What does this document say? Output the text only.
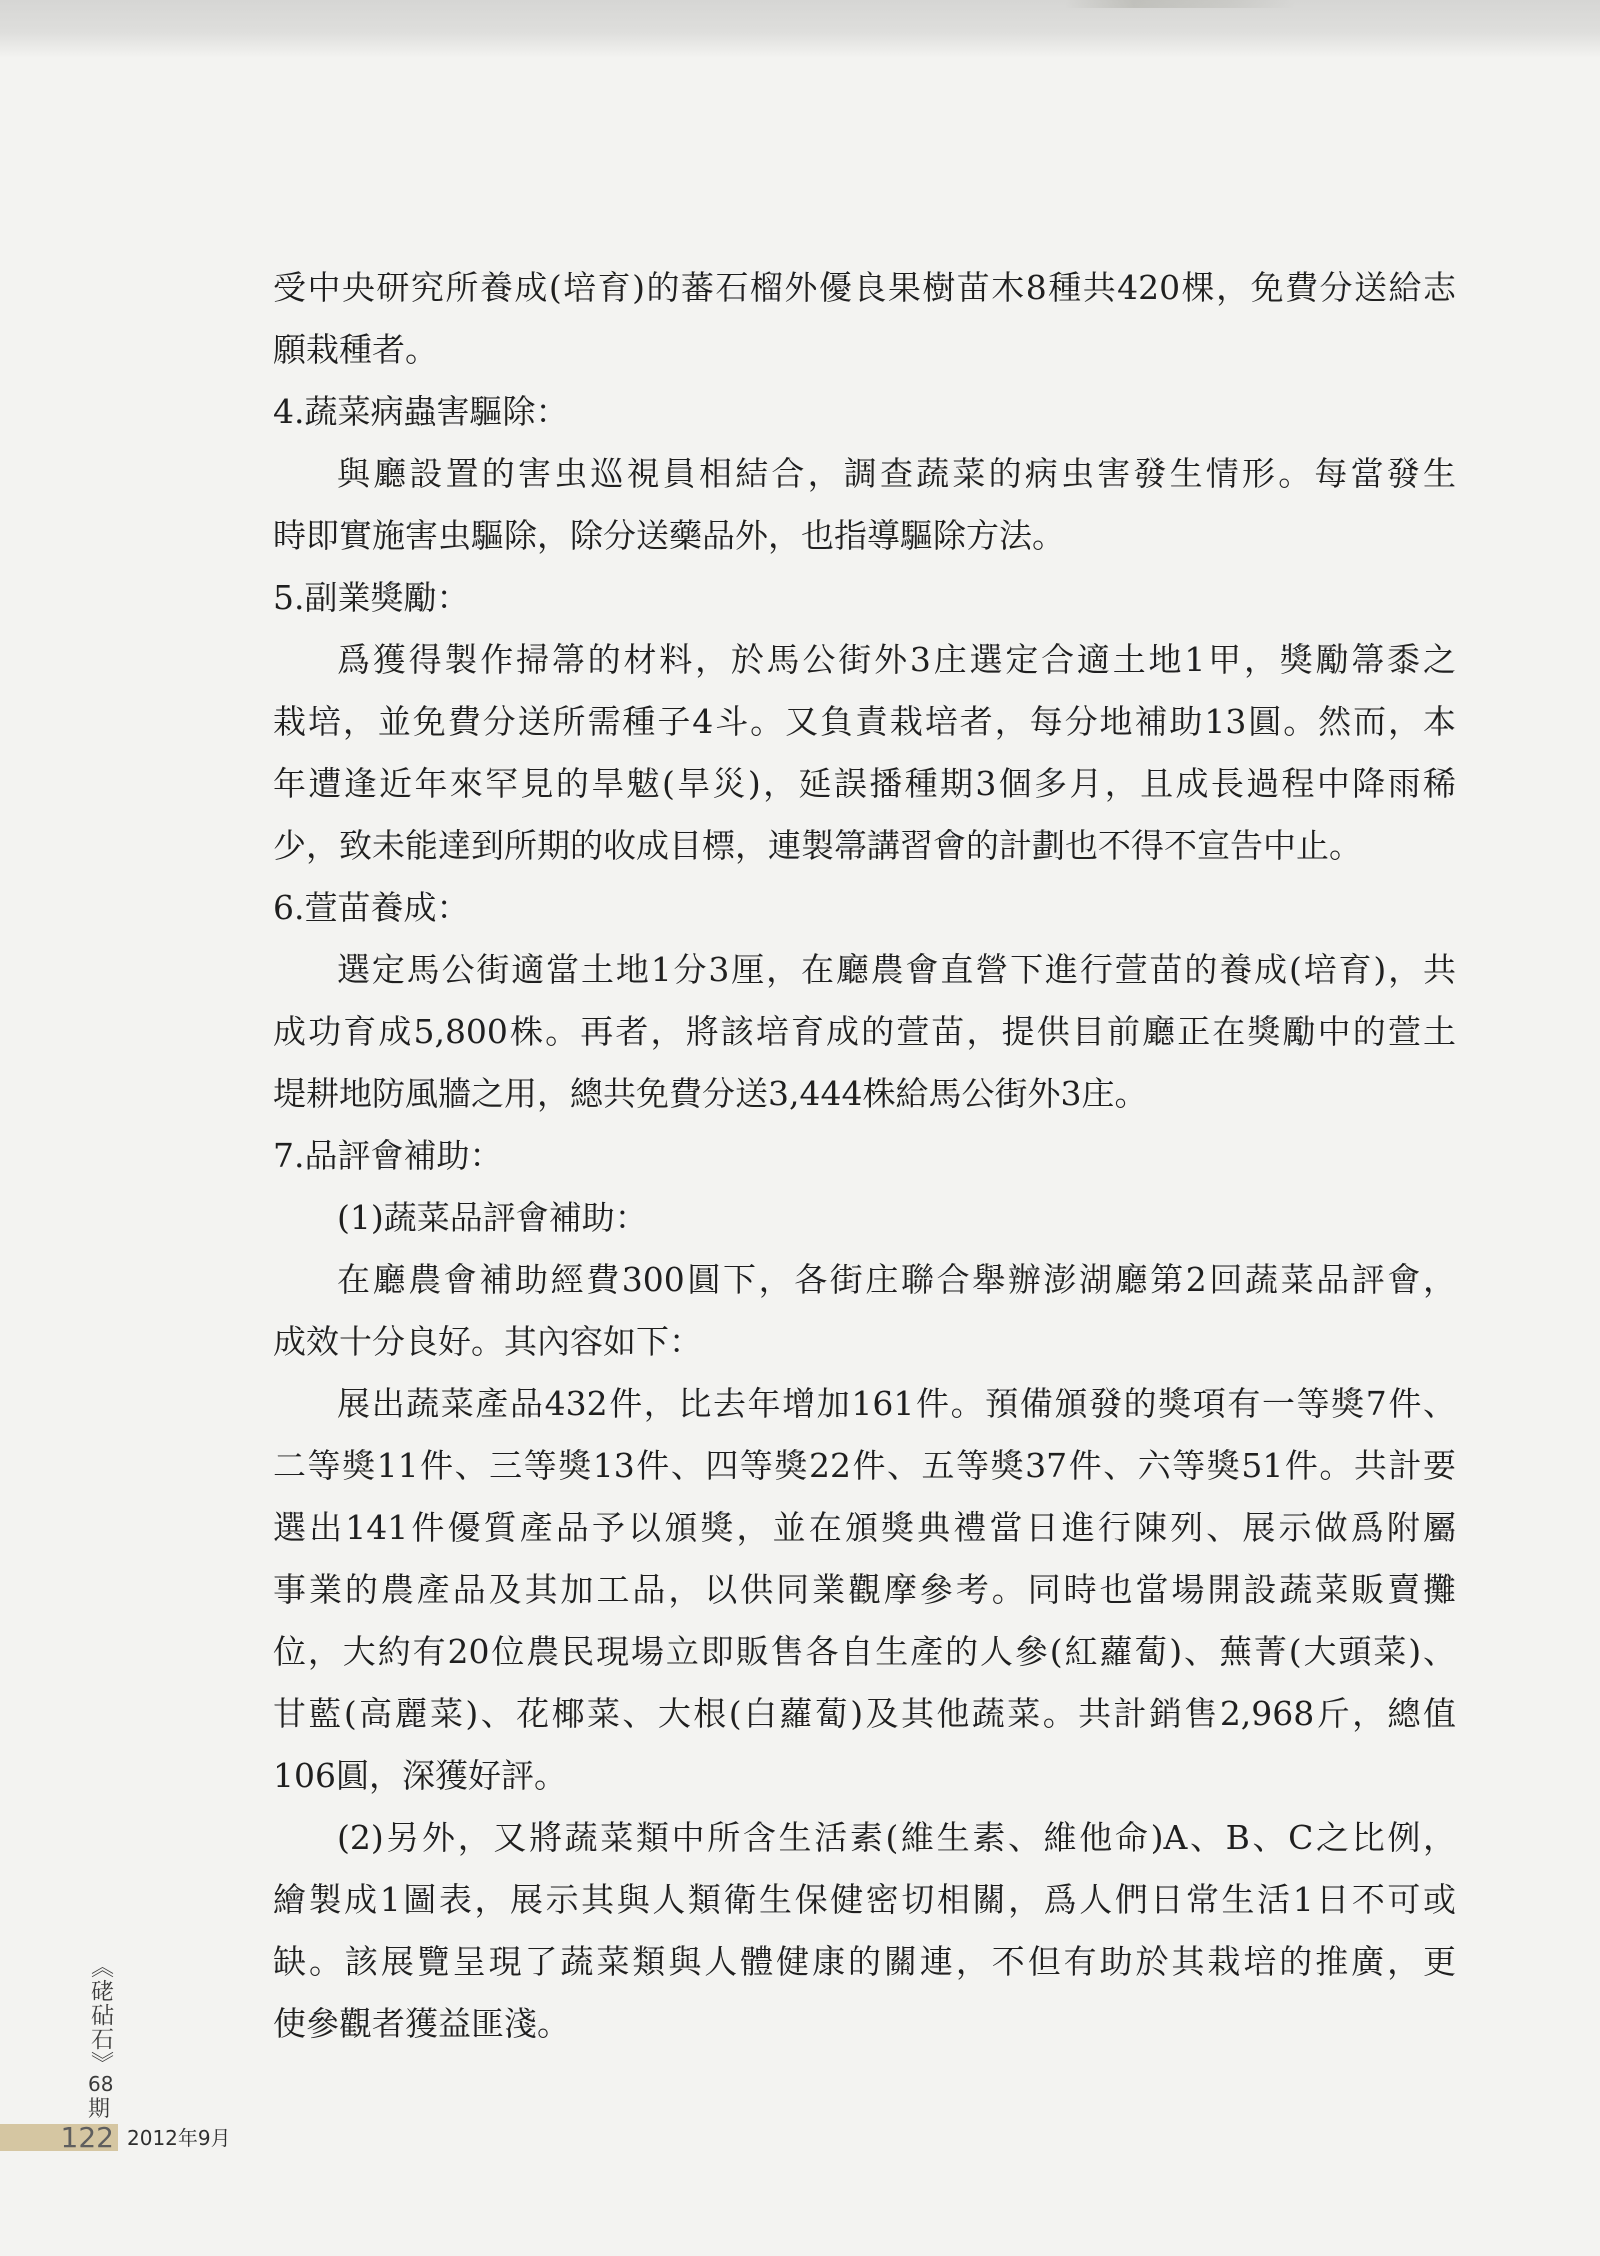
受中央研究所養成(培育)的蕃石榴外優良果樹苗木8種共420棵，免費分送給志
願栽種者。
4.蔬菜病蟲害驅除：
與廳設置的害虫巡視員相結合，調查蔬菜的病虫害發生情形。每當發生
時即實施害虫驅除，除分送藥品外，也指導驅除方法。
5.副業獎勵：
爲獲得製作掃箒的材料，於馬公街外3庄選定合適土地1甲，獎勵箒黍之
栽培，並免費分送所需種子4斗。又負責栽培者，每分地補助13圓。然而，本
年遭逢近年來罕見的旱魃(旱災)，延誤播種期3個多月，且成長過程中降雨稀
少，致未能達到所期的收成目標，連製箒講習會的計劃也不得不宣告中止。
6.萱苗養成：
選定馬公街適當土地1分3厘，在廳農會直營下進行萱苗的養成(培育)，共
成功育成5,800株。再者，將該培育成的萱苗，提供目前廳正在獎勵中的萱土
堤耕地防風牆之用，總共免費分送3,444株給馬公街外3庄。
7.品評會補助：
(1)蔬菜品評會補助：
在廳農會補助經費300圓下，各街庄聯合舉辦澎湖廳第2回蔬菜品評會，
成效十分良好。其內容如下：
展出蔬菜產品432件，比去年增加161件。預備頒發的獎項有一等獎7件、
二等獎11件、三等獎13件、四等獎22件、五等獎37件、六等獎51件。共計要
選出141件優質產品予以頒獎，並在頒獎典禮當日進行陳列、展示做爲附屬
事業的農產品及其加工品，以供同業觀摩參考。同時也當場開設蔬菜販賣攤
位，大約有20位農民現場立即販售各自生產的人參(紅蘿蔔)、蕪菁(大頭菜)、
甘藍(高麗菜)、花椰菜、大根(白蘿蔔)及其他蔬菜。共計銷售2,968斤，總值
106圓，深獲好評。
(2)另外，又將蔬菜類中所含生活素(維生素、維他命)A、B、C之比例，
繪製成1圖表，展示其與人類衛生保健密切相關，爲人們日常生活1日不可或
缺。該展覽呈現了蔬菜類與人體健康的關連，不但有助於其栽培的推廣，更
使參觀者獲益匪淺。
《硓砧石》
68
期
122 2012年9月
